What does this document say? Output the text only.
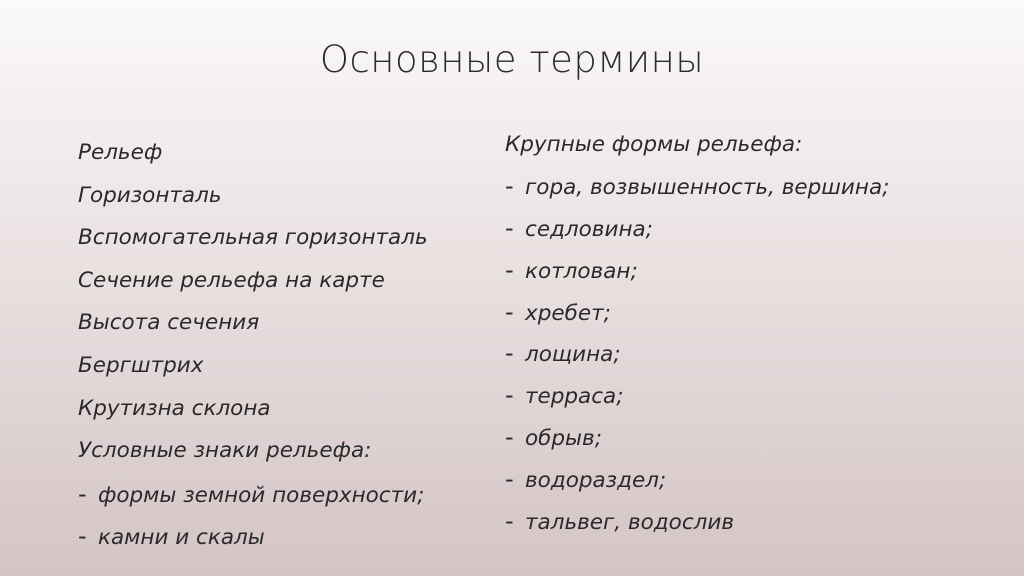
Основные термины
Рельеф
Горизонталь
Вспомогательная горизонталь
Сечение рельефа на карте
Высота сечения
Бергштрих
Крутизна склона
Условные знаки рельефа:
- формы земной поверхности;
- камни и скалы
Крупные формы рельефа:
- гора, возвышенность, вершина;
- седловина;
- котлован;
- хребет;
- лощина;
- терраса;
- обрыв;
- водораздел;
- тальвег, водослив
